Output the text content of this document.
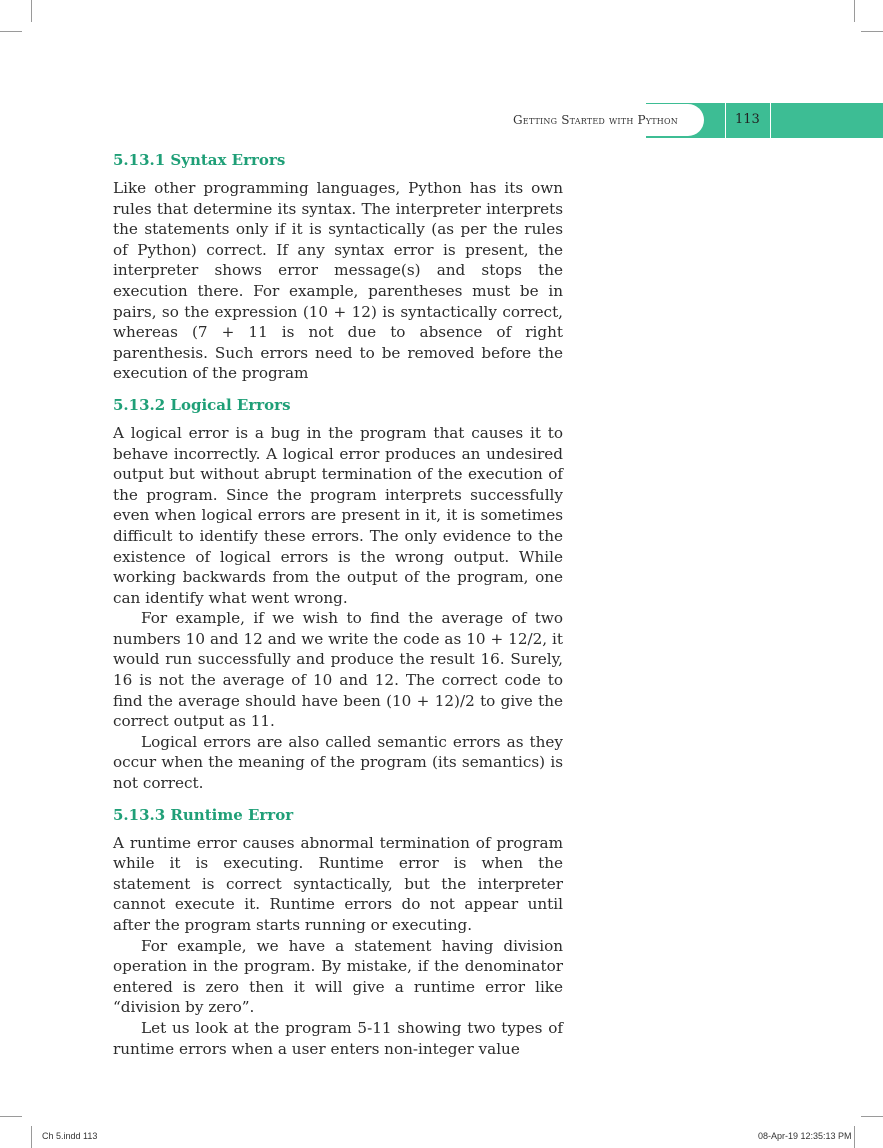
Getting Started with Python	113
5.13.1 Syntax Errors

Like other programming languages, Python has its own rules that determine its syntax. The interpreter interprets the statements only if it is syntactically (as per the rules of Python) correct. If any syntax error is present, the interpreter shows error message(s) and stops the execution there. For example, parentheses must be in pairs, so the expression (10 + 12) is syntactically correct, whereas (7 + 11 is not due to absence of right parenthesis. Such errors need to be removed before the execution of the program

5.13.2 Logical Errors

A logical error is a bug in the program that causes it to behave incorrectly. A logical error produces an undesired output but without abrupt termination of the execution of the program. Since the program interprets successfully even when logical errors are present in it, it is sometimes difficult to identify these errors. The only evidence to the existence of logical errors is the wrong output. While working backwards from the output of the program, one can identify what went wrong.

For example, if we wish to find the average of two numbers 10 and 12 and we write the code as 10 + 12/2, it would run successfully and produce the result 16. Surely, 16 is not the average of 10 and 12. The correct code to find the average should have been (10 + 12)/2 to give the correct output as 11.

Logical errors are also called semantic errors as they occur when the meaning of the program (its semantics) is not correct.

5.13.3 Runtime Error

A runtime error causes abnormal termination of program while it is executing. Runtime error is when the statement is correct syntactically, but the interpreter cannot execute it. Runtime errors do not appear until after the program starts running or executing.

For example, we have a statement having division operation in the program. By mistake, if the denominator entered is zero then it will give a runtime error like “division by zero”.

Let us look at the program 5-11 showing two types of runtime errors when a user enters non-integer value

Ch 5.indd 113	08-Apr-19 12:35:13 PM
